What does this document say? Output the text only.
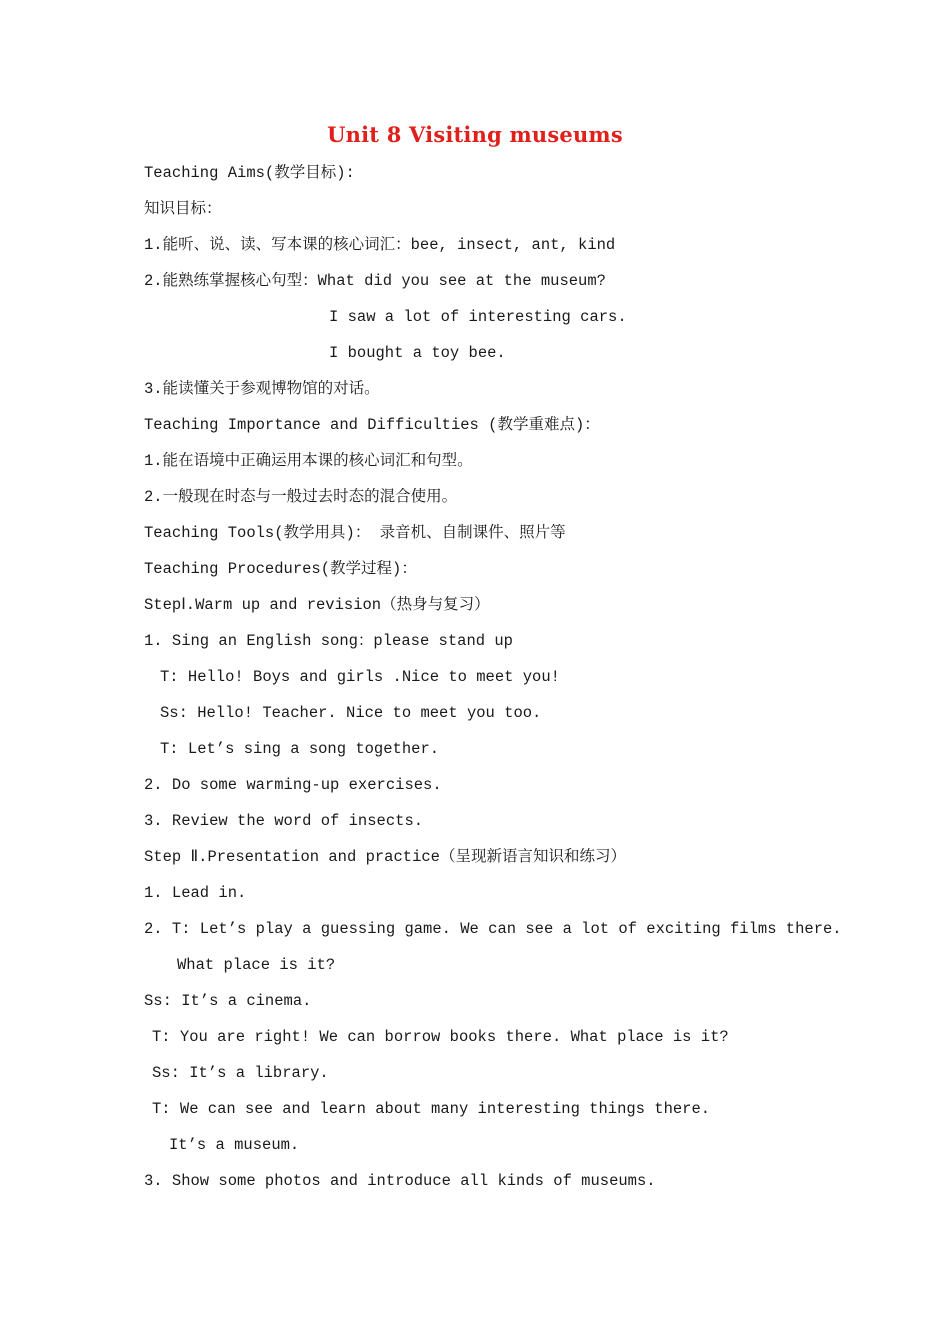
Unit 8 Visiting museums
Teaching Aims(教学目标):
知识目标：
1.能听、说、读、写本课的核心词汇：bee, insect, ant, kind
2.能熟练掌握核心句型：What did you see at the museum?
I saw a lot of interesting cars.
I bought a toy bee.
3.能读懂关于参观博物馆的对话。
Teaching Importance and Difficulties (教学重难点)：
1.能在语境中正确运用本课的核心词汇和句型。
2.一般现在时态与一般过去时态的混合使用。
Teaching Tools(教学用具)： 录音机、自制课件、照片等
Teaching Procedures(教学过程)：
StepⅠ.Warm up and revision（热身与复习）
1. Sing an English song：please stand up
T: Hello! Boys and girls .Nice to meet you!
Ss: Hello! Teacher. Nice to meet you too.
T: Let’s sing a song together.
2. Do some warming-up exercises.
3. Review the word of insects.
Step Ⅱ.Presentation and practice（呈现新语言知识和练习）
1. Lead in.
2. T: Let’s play a guessing game. We can see a lot of exciting films there.
What place is it?
Ss: It’s a cinema.
T: You are right! We can borrow books there. What place is it?
Ss: It’s a library.
T: We can see and learn about many interesting things there.
It’s a museum.
3. Show some photos and introduce all kinds of museums.
